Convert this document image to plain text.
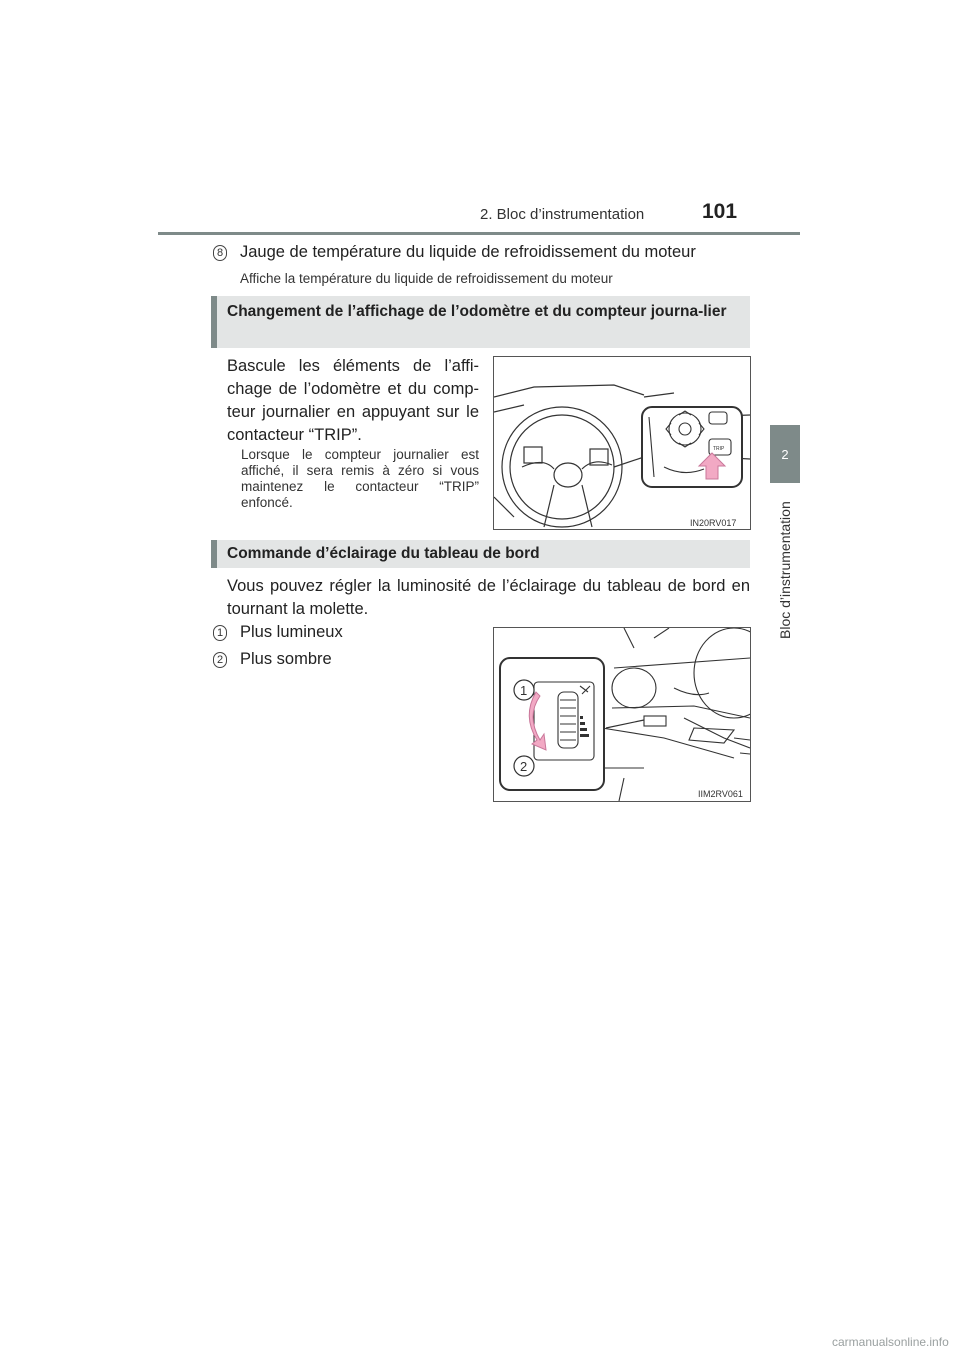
2. Bloc d’instrumentation	101
2
Bloc d’instrumentation
8 Jauge de température du liquide de refroidissement du moteur
Affiche la température du liquide de refroidissement du moteur
Changement de l’affichage de l’odomètre et du compteur journa-lier
Bascule les éléments de l’affi-chage de l’odomètre et du comp-teur journalier en appuyant sur le contacteur “TRIP”.
Lorsque le compteur journalier est affiché, il sera remis à zéro si vous maintenez le contacteur “TRIP” enfoncé.
TRIP
IN20RV017
Commande d’éclairage du tableau de bord
Vous pouvez régler la luminosité de l’éclairage du tableau de bord en tournant la molette.
1 Plus lumineux
2 Plus sombre
1
2
IIM2RV061
carmanualsonline.info
